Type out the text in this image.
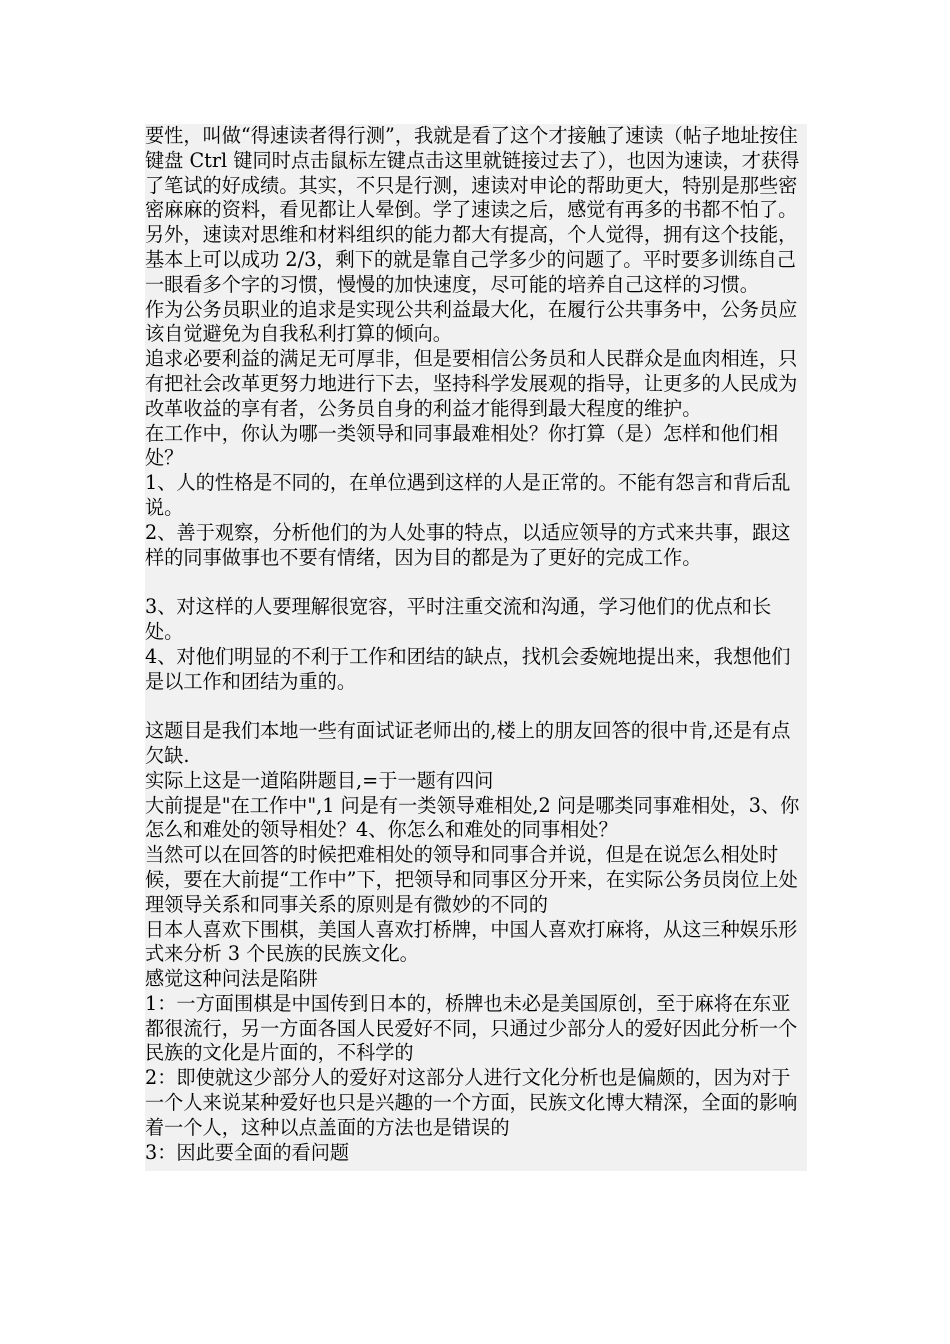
要性，叫做“得速读者得行测”，我就是看了这个才接触了速读（帖子地址按住键盘 Ctrl 键同时点击鼠标左键点击这里就链接过去了），也因为速读，才获得了笔试的好成绩。其实，不只是行测，速读对申论的帮助更大，特别是那些密密麻麻的资料，看见都让人晕倒。学了速读之后，感觉有再多的书都不怕了。另外，速读对思维和材料组织的能力都大有提高，个人觉得，拥有这个技能，基本上可以成功 2/3，剩下的就是靠自己学多少的问题了。平时要多训练自己一眼看多个字的习惯，慢慢的加快速度，尽可能的培养自己这样的习惯。

作为公务员职业的追求是实现公共利益最大化，在履行公共事务中，公务员应该自觉避免为自我私利打算的倾向。

追求必要利益的满足无可厚非，但是要相信公务员和人民群众是血肉相连，只有把社会改革更努力地进行下去，坚持科学发展观的指导，让更多的人民成为改革收益的享有者，公务员自身的利益才能得到最大程度的维护。

在工作中，你认为哪一类领导和同事最难相处？你打算（是）怎样和他们相处？

1、人的性格是不同的，在单位遇到这样的人是正常的。不能有怨言和背后乱说。

2、善于观察，分析他们的为人处事的特点，以适应领导的方式来共事，跟这样的同事做事也不要有情绪，因为目的都是为了更好的完成工作。

3、对这样的人要理解很宽容，平时注重交流和沟通，学习他们的优点和长处。

4、对他们明显的不利于工作和团结的缺点，找机会委婉地提出来，我想他们是以工作和团结为重的。

这题目是我们本地一些有面试证老师出的,楼上的朋友回答的很中肯,还是有点欠缺.

实际上这是一道陷阱题目,=于一题有四问

大前提是"在工作中",1 问是有一类领导难相处,2 问是哪类同事难相处，3、你怎么和难处的领导相处？4、你怎么和难处的同事相处？

当然可以在回答的时候把难相处的领导和同事合并说，但是在说怎么相处时候，要在大前提“工作中”下，把领导和同事区分开来，在实际公务员岗位上处理领导关系和同事关系的原则是有微妙的不同的

日本人喜欢下围棋，美国人喜欢打桥牌，中国人喜欢打麻将，从这三种娱乐形式来分析 3 个民族的民族文化。

感觉这种问法是陷阱

1：一方面围棋是中国传到日本的，桥牌也未必是美国原创，至于麻将在东亚都很流行，另一方面各国人民爱好不同，只通过少部分人的爱好因此分析一个民族的文化是片面的，不科学的

2：即使就这少部分人的爱好对这部分人进行文化分析也是偏颇的，因为对于一个人来说某种爱好也只是兴趣的一个方面，民族文化博大精深，全面的影响着一个人，这种以点盖面的方法也是错误的

3：因此要全面的看问题
